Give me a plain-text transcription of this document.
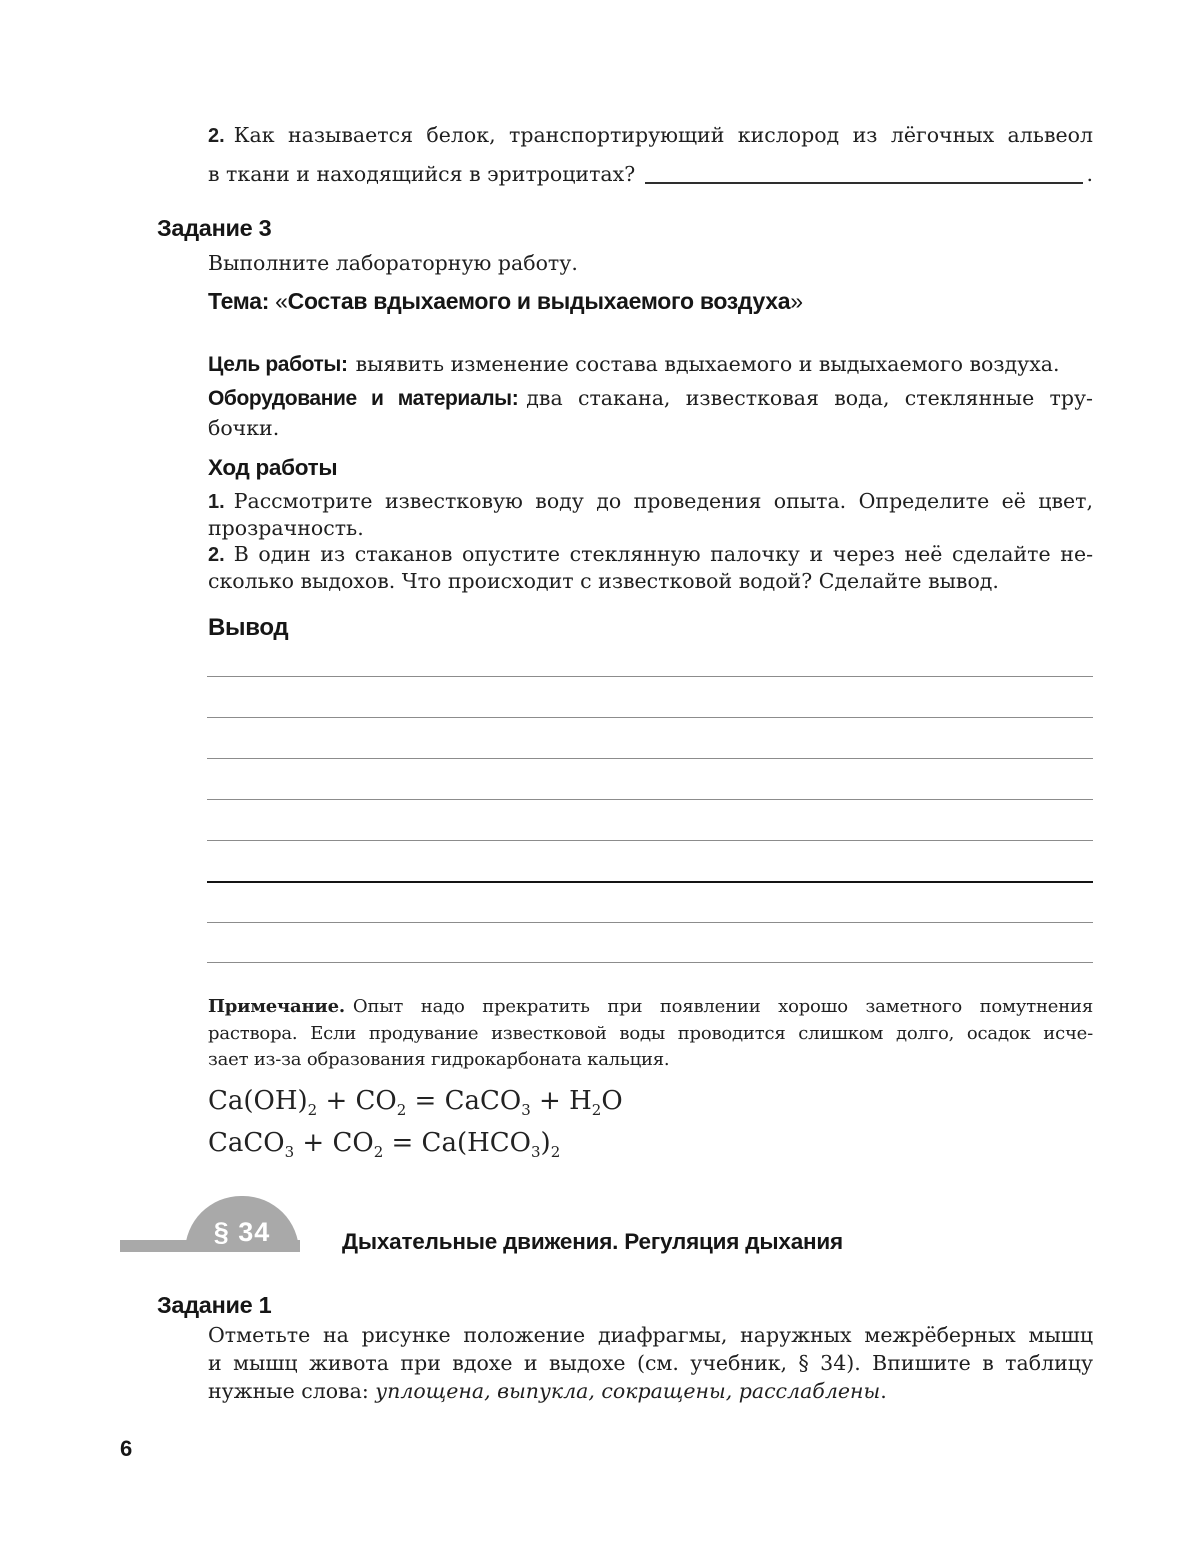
2. Как называется белок, транспортирующий кислород из лёгочных альвеол
в ткани и находящийся в эритроцитах?	.
Задание 3
Выполните лабораторную работу.
Тема: «Состав вдыхаемого и выдыхаемого воздуха»
Цель работы: выявить изменение состава вдыхаемого и выдыхаемого воздуха.
Оборудование и материалы: два стакана, известковая вода, стеклянные тру-
бочки.
Ход работы
1. Рассмотрите известковую воду до проведения опыта. Определите её цвет,
прозрачность.
2. В один из стаканов опустите стеклянную палочку и через неё сделайте не-
сколько выдохов. Что происходит с известковой водой? Сделайте вывод.
Вывод
Примечание. Опыт надо прекратить при появлении хорошо заметного помутнения
раствора. Если продувание известковой воды проводится слишком долго, осадок исче-
зает из-за образования гидрокарбоната кальция.
$Ca(OH)_2 + CO_2$ = CaCO$_3$ + $H_2O$
CaCO$_3$ + $CO_2 = Ca(HCO_3)_2$
§ 34	Дыхательные движения. Регуляция дыхания
Задание 1
Отметьте на рисунке положение диафрагмы, наружных межрёберных мышц
и мышц живота при вдохе и выдохе (см. учебник, § 34). Впишите в таблицу
нужные слова: уплощена, выпукла, сокращены, расслаблены.
6
